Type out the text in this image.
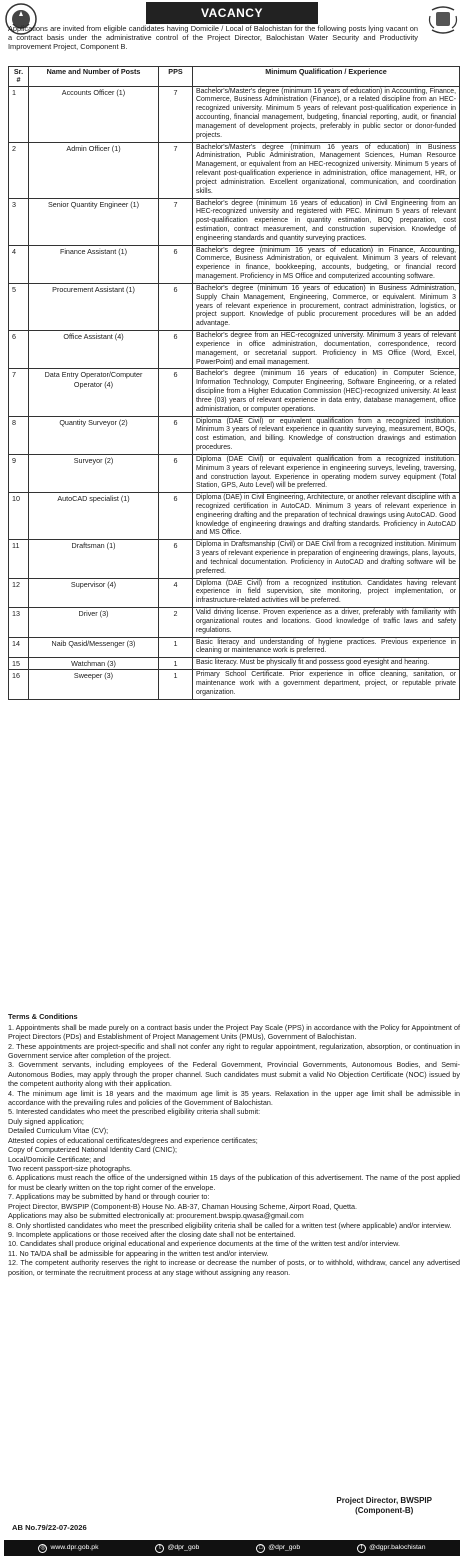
VACANCY

Applications are invited from eligible candidates having Domicile / Local of Balochistan for the following posts lying vacant on a contract basis under the administrative control of the Project Director, Balochistan Water Security and Productivity Improvement Project, Component B.

Sr. #	Name and Number of Posts	PPS	Minimum Qualification / Experience
1	Accounts Officer (1)	7	Bachelor's/Master's degree (minimum 16 years of education) in Accounting, Finance, Commerce, Business Administration (Finance), or a related discipline from an HEC-recognized university. Minimum 5 years of relevant post-qualification experience in accounting, financial management, budgeting, financial reporting, audit, or financial management of development projects, preferably in public sector or donor-funded projects.
2	Admin Officer (1)	7	Bachelor's/Master's degree (minimum 16 years of education) in Business Administration, Public Administration, Management Sciences, Human Resource Management, or equivalent from an HEC-recognized university. Minimum 5 years of relevant post-qualification experience in administration, office management, HR, or project administration. Excellent organizational, communication, and coordination skills.
3	Senior Quantity Engineer (1)	7	Bachelor's degree (minimum 16 years of education) in Civil Engineering from an HEC-recognized university and registered with PEC. Minimum 5 years of relevant post-qualification experience in quantity estimation, BOQ preparation, cost estimation, contract measurement, and construction supervision. Knowledge of engineering standards and quantity surveying practices.
4	Finance Assistant (1)	6	Bachelor's degree (minimum 16 years of education) in Finance, Accounting, Commerce, Business Administration, or equivalent. Minimum 3 years of relevant experience in finance, bookkeeping, accounts, budgeting, or financial record management. Proficiency in MS Office and computerized accounting software.
5	Procurement Assistant (1)	6	Bachelor's degree (minimum 16 years of education) in Business Administration, Supply Chain Management, Engineering, Commerce, or equivalent. Minimum 3 years of relevant experience in procurement, contract administration, logistics, or project support. Knowledge of public procurement procedures will be an added advantage.
6	Office Assistant (4)	6	Bachelor's degree from an HEC-recognized university. Minimum 3 years of relevant experience in office administration, documentation, correspondence, record management, or secretarial support. Proficiency in MS Office (Word, Excel, PowerPoint) and email management.
7	Data Entry Operator/Computer Operator (4)	6	Bachelor's degree (minimum 16 years of education) in Computer Science, Information Technology, Computer Engineering, Software Engineering, or a related discipline from a Higher Education Commission (HEC)-recognized university. At least three (03) years of relevant experience in data entry, database management, office administration, or computer operations.
8	Quantity Surveyor (2)	6	Diploma (DAE Civil) or equivalent qualification from a recognized institution. Minimum 3 years of relevant experience in quantity surveying, measurement, BOQs, cost estimation, and billing. Knowledge of construction drawings and estimation procedures.
9	Surveyor (2)	6	Diploma (DAE Civil) or equivalent qualification from a recognized institution. Minimum 3 years of relevant experience in engineering surveys, leveling, traversing, and construction layout. Experience in operating modern survey equipment (Total Station, GPS, Auto Level) will be preferred.
10	AutoCAD specialist (1)	6	Diploma (DAE) in Civil Engineering, Architecture, or another relevant discipline with a recognized certification in AutoCAD. Minimum 3 years of relevant experience in engineering drafting and the preparation of technical drawings using AutoCAD. Good knowledge of engineering drawings and drafting standards. Proficiency in AutoCAD and MS Office.
11	Draftsman (1)	6	Diploma in Draftsmanship (Civil) or DAE Civil from a recognized institution. Minimum 3 years of relevant experience in preparation of engineering drawings, plans, layouts, and technical documentation. Proficiency in AutoCAD and drafting software will be preferred.
12	Supervisor (4)	4	Diploma (DAE Civil) from a recognized institution. Candidates having relevant experience in field supervision, site monitoring, project implementation, or infrastructure-related activities will be preferred.
13	Driver (3)	2	Valid driving license. Proven experience as a driver, preferably with familiarity with organizational routes and locations. Good knowledge of traffic laws and safety regulations.
14	Naib Qasid/Messenger (3)	1	Basic literacy and understanding of hygiene practices. Previous experience in cleaning or maintenance work is preferred.
15	Watchman (3)	1	Basic literacy. Must be physically fit and possess good eyesight and hearing.
16	Sweeper (3)	1	Primary School Certificate. Prior experience in office cleaning, sanitation, or maintenance work with a government department, project, or reputable private organization.
Terms & Conditions

1. Appointments shall be made purely on a contract basis under the Project Pay Scale (PPS) in accordance with the Policy for Appointment of Project Directors (PDs) and Establishment of Project Management Units (PMUs), Government of Balochistan.

2. These appointments are project-specific and shall not confer any right to regular appointment, regularization, absorption, or continuation in Government service after completion of the project.

3. Government servants, including employees of the Federal Government, Provincial Governments, Autonomous Bodies, and Semi-Autonomous Bodies, may apply through the proper channel. Such candidates must submit a valid No Objection Certificate (NOC) issued by the competent authority along with their application.

4. The minimum age limit is 18 years and the maximum age limit is 35 years. Relaxation in the upper age limit shall be admissible in accordance with the prevailing rules and policies of the Government of Balochistan.

5. Interested candidates who meet the prescribed eligibility criteria shall submit:

Duly signed application;

Detailed Curriculum Vitae (CV);

Attested copies of educational certificates/degrees and experience certificates;

Copy of Computerized National Identity Card (CNIC);

Local/Domicile Certificate; and

Two recent passport-size photographs.

6. Applications must reach the office of the undersigned within 15 days of the publication of this advertisement. The name of the post applied for must be clearly written on the top right corner of the envelope.

7. Applications may be submitted by hand or through courier to:

Project Director, BWSPIP (Component-B) House No. AB-37, Chaman Housing Scheme, Airport Road, Quetta.

Applications may also be submitted electronically at: procurement.bwspip.qwasa@gmail.com

8. Only shortlisted candidates who meet the prescribed eligibility criteria shall be called for a written test (where applicable) and/or interview.

9. Incomplete applications or those received after the closing date shall not be entertained.

10. Candidates shall produce original educational and experience documents at the time of the written test and/or interview.

11. No TA/DA shall be admissible for appearing in the written test and/or interview.

12. The competent authority reserves the right to increase or decrease the number of posts, or to withhold, withdraw, cancel any advertised position, or terminate the recruitment process at any stage without assigning any reason.

Project Director, BWSPIP
(Component-B)
AB No.79/22-07-2026
◎ www.dpr.gob.pk	t @dpr_gob	□ @dpr_gob	f @dgpr.balochistan
